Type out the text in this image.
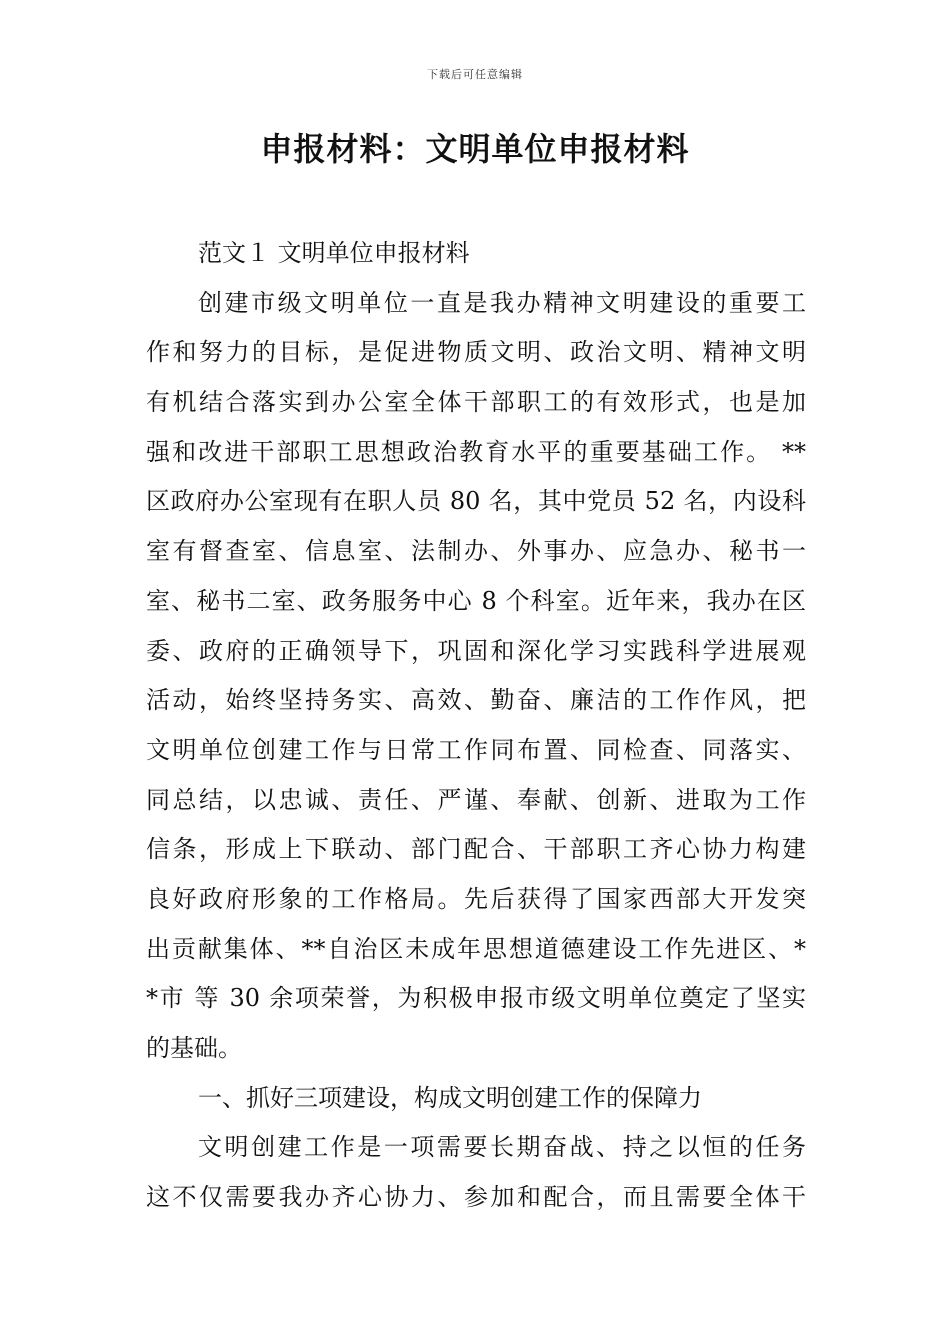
下载后可任意编辑
申报材料：文明单位申报材料
范文１ 文明单位申报材料
创建市级文明单位一直是我办精神文明建设的重要工
作和努力的目标，是促进物质文明、政治文明、精神文明
有机结合落实到办公室全体干部职工的有效形式，也是加
强和改进干部职工思想政治教育水平的重要基础工作。 **
区政府办公室现有在职人员 80 名，其中党员 52 名，内设科
室有督查室、信息室、法制办、外事办、应急办、秘书一
室、秘书二室、政务服务中心 8 个科室。近年来，我办在区
委、政府的正确领导下，巩固和深化学习实践科学进展观
活动，始终坚持务实、高效、勤奋、廉洁的工作作风，把
文明单位创建工作与日常工作同布置、同检查、同落实、
同总结，以忠诚、责任、严谨、奉献、创新、进取为工作
信条，形成上下联动、部门配合、干部职工齐心协力构建
良好政府形象的工作格局。先后获得了国家西部大开发突
出贡献集体、**自治区未成年思想道德建设工作先进区、*
*市 等 30 余项荣誉，为积极申报市级文明单位奠定了坚实
的基础。
一、抓好三项建设，构成文明创建工作的保障力
文明创建工作是一项需要长期奋战、持之以恒的任务
这不仅需要我办齐心协力、参加和配合，而且需要全体干
